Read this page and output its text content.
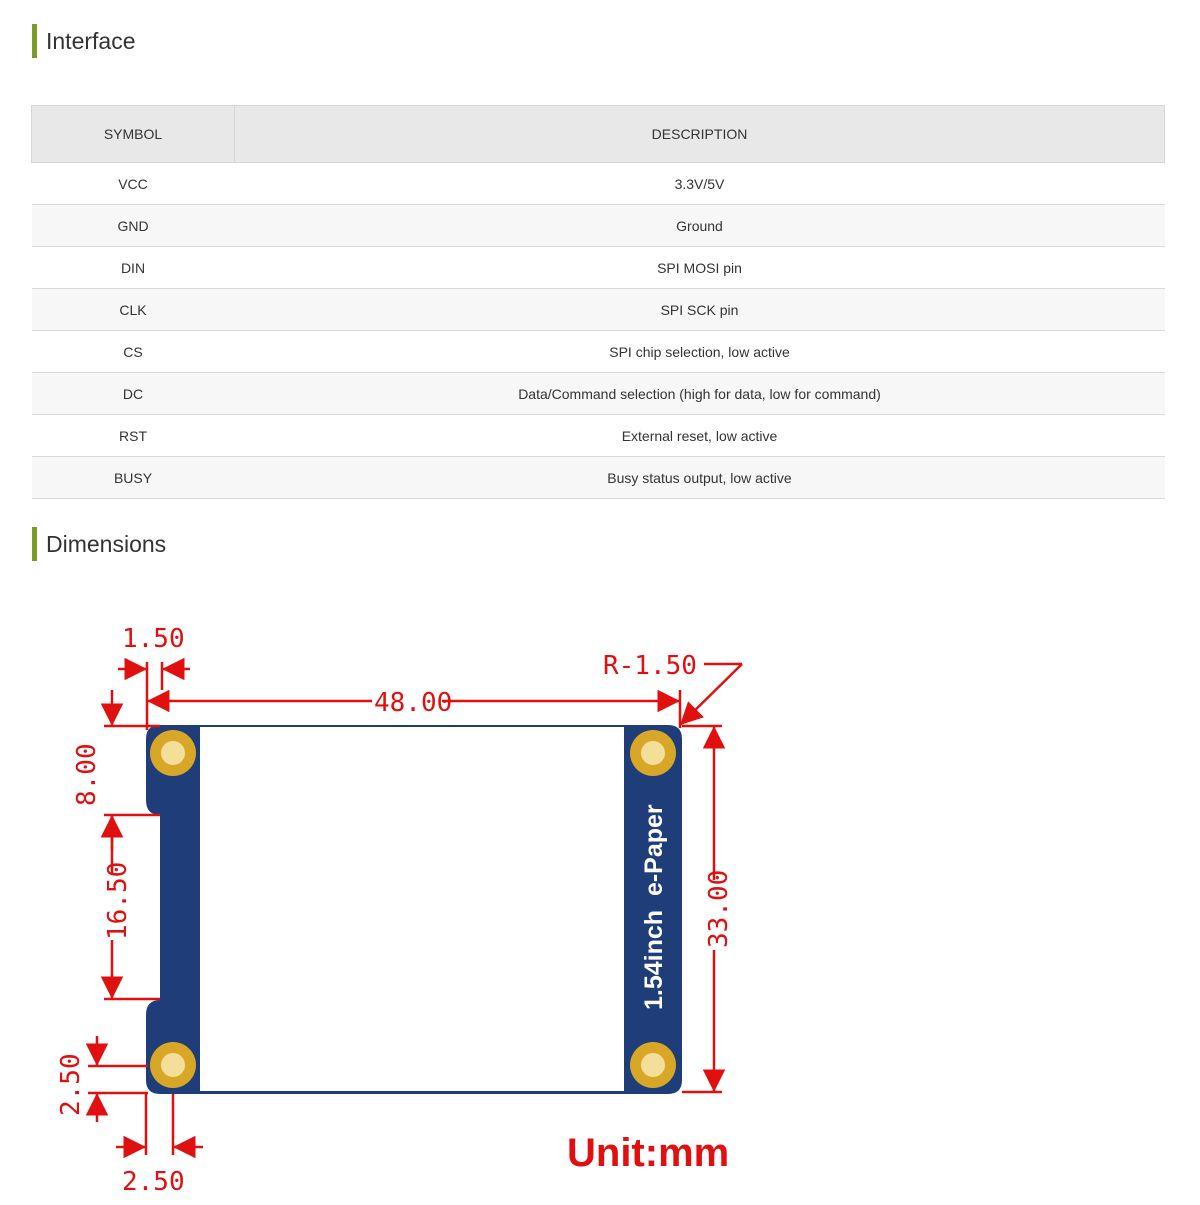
Interface
SYMBOL	DESCRIPTION
VCC	3.3V/5V
GND	Ground
DIN	SPI MOSI pin
CLK	SPI SCK pin
CS	SPI chip selection, low active
DC	Data/Command selection (high for data, low for command)
RST	External reset, low active
BUSY	Busy status output, low active
Dimensions
1.54inch  e-Paper
1.50
R-1.50
48.00
8.00
16.50
2.50
33.00
2.50
Unit:mm
